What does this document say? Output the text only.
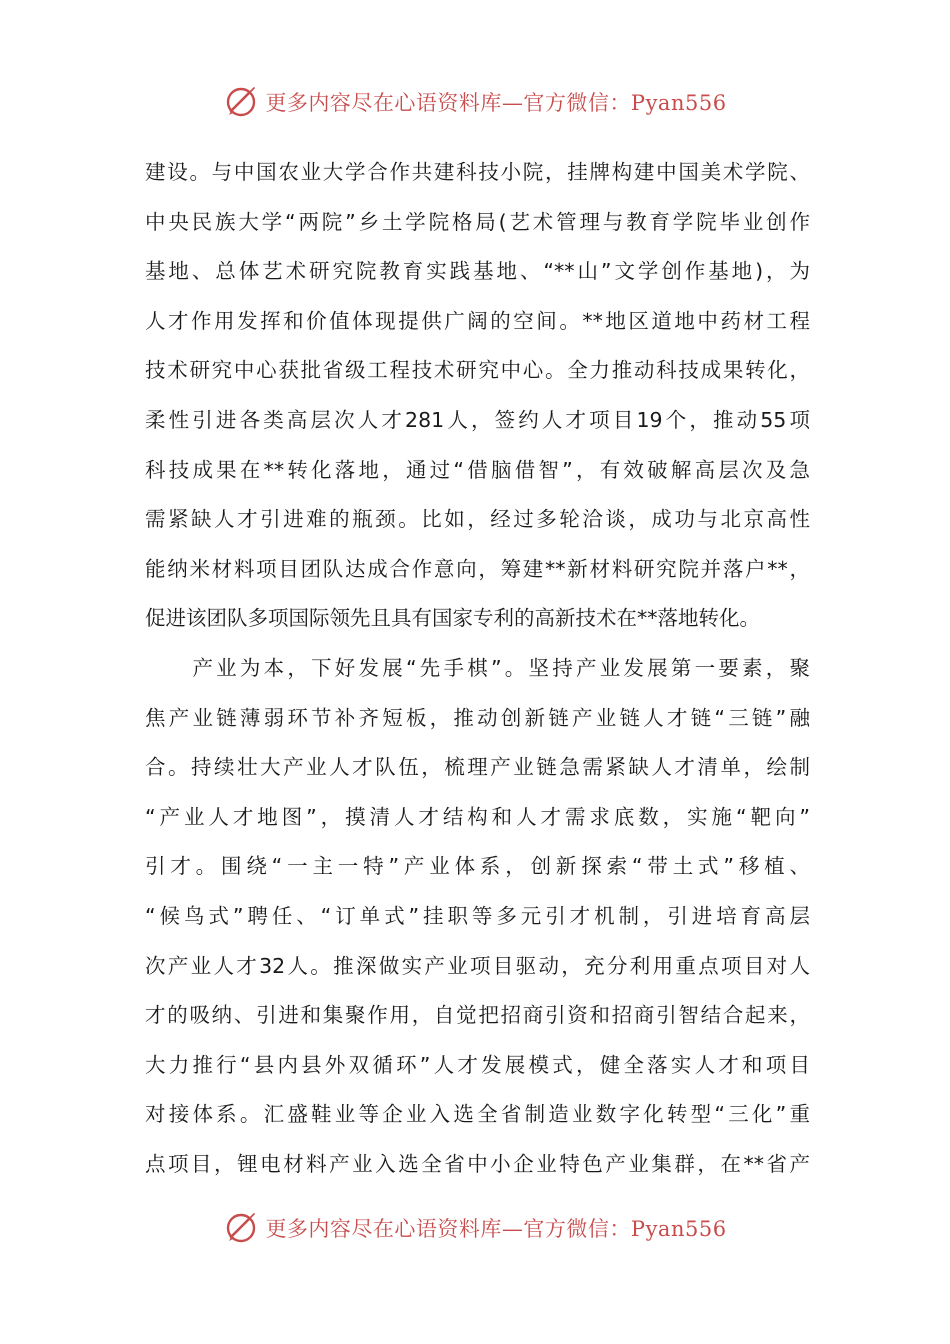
更多内容尽在心语资料库—官方微信：Pyan556
建设。与中国农业大学合作共建科技小院，挂牌构建中国美术学院、
中央民族大学“两院”乡土学院格局(艺术管理与教育学院毕业创作
基地、总体艺术研究院教育实践基地、“**山”文学创作基地)，为
人才作用发挥和价值体现提供广阔的空间。**地区道地中药材工程
技术研究中心获批省级工程技术研究中心。全力推动科技成果转化，
柔性引进各类高层次人才281人，签约人才项目19个，推动55项
科技成果在**转化落地，通过“借脑借智”，有效破解高层次及急
需紧缺人才引进难的瓶颈。比如，经过多轮洽谈，成功与北京高性
能纳米材料项目团队达成合作意向，筹建**新材料研究院并落户**，
促进该团队多项国际领先且具有国家专利的高新技术在**落地转化。
　　产业为本，下好发展“先手棋”。坚持产业发展第一要素，聚
焦产业链薄弱环节补齐短板，推动创新链产业链人才链“三链”融
合。持续壮大产业人才队伍，梳理产业链急需紧缺人才清单，绘制
“产业人才地图”，摸清人才结构和人才需求底数，实施“靶向”
引才。围绕“一主一特”产业体系，创新探索“带土式”移植、
“候鸟式”聘任、“订单式”挂职等多元引才机制，引进培育高层
次产业人才32人。推深做实产业项目驱动，充分利用重点项目对人
才的吸纳、引进和集聚作用，自觉把招商引资和招商引智结合起来，
大力推行“县内县外双循环”人才发展模式，健全落实人才和项目
对接体系。汇盛鞋业等企业入选全省制造业数字化转型“三化”重
点项目，锂电材料产业入选全省中小企业特色产业集群，在**省产
更多内容尽在心语资料库—官方微信：Pyan556
